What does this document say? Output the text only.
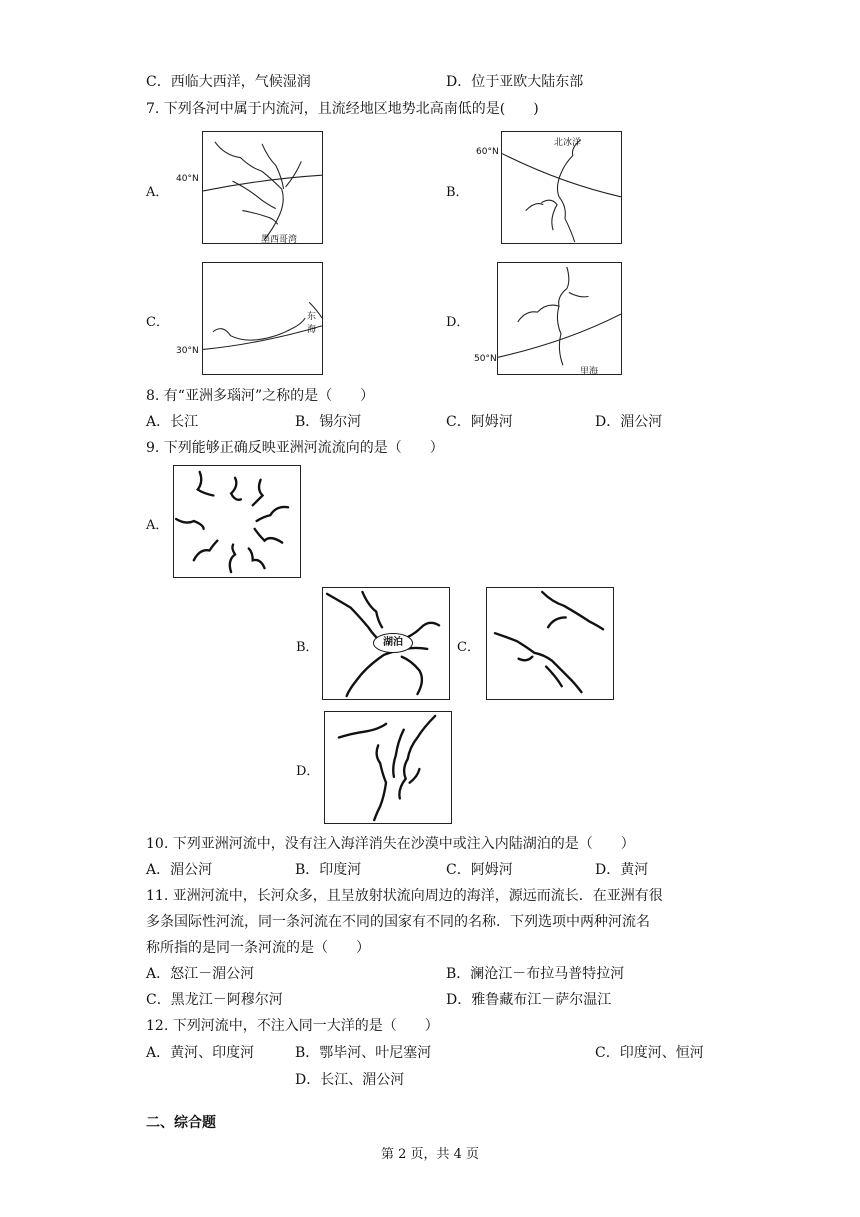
C．西临大西洋，气候湿润	D．位于亚欧大陆东部
7. 下列各河中属于内流河，且流经地区地势北高南低的是(　　)
A．
墨西哥湾
40°N
B．
北冰洋
60°N
C．	东海
30°N
D．
里海
50°N
8. 有“亚洲多瑙河”之称的是（　　）
A．长江	B．锡尔河	C．阿姆河	D．湄公河
9. 下列能够正确反映亚洲河流流向的是（　　）
A．
B．	湖泊	C．
D．
10. 下列亚洲河流中，没有注入海洋消失在沙漠中或注入内陆湖泊的是（　　）
A．湄公河	B．印度河	C．阿姆河	D．黄河
11. 亚洲河流中，长河众多，且呈放射状流向周边的海洋，源远而流长．在亚洲有很
多条国际性河流，同一条河流在不同的国家有不同的名称．下列选项中两种河流名
称所指的是同一条河流的是（　　）
A．怒江－湄公河	B．澜沧江－布拉马普特拉河
C．黑龙江－阿穆尔河	D．雅鲁藏布江－萨尔温江
12. 下列河流中，不注入同一大洋的是（　　）
A．黄河、印度河	B．鄂毕河、叶尼塞河	C．印度河、恒河
D．长江、湄公河
二、综合题
第 2 页，共 4 页
